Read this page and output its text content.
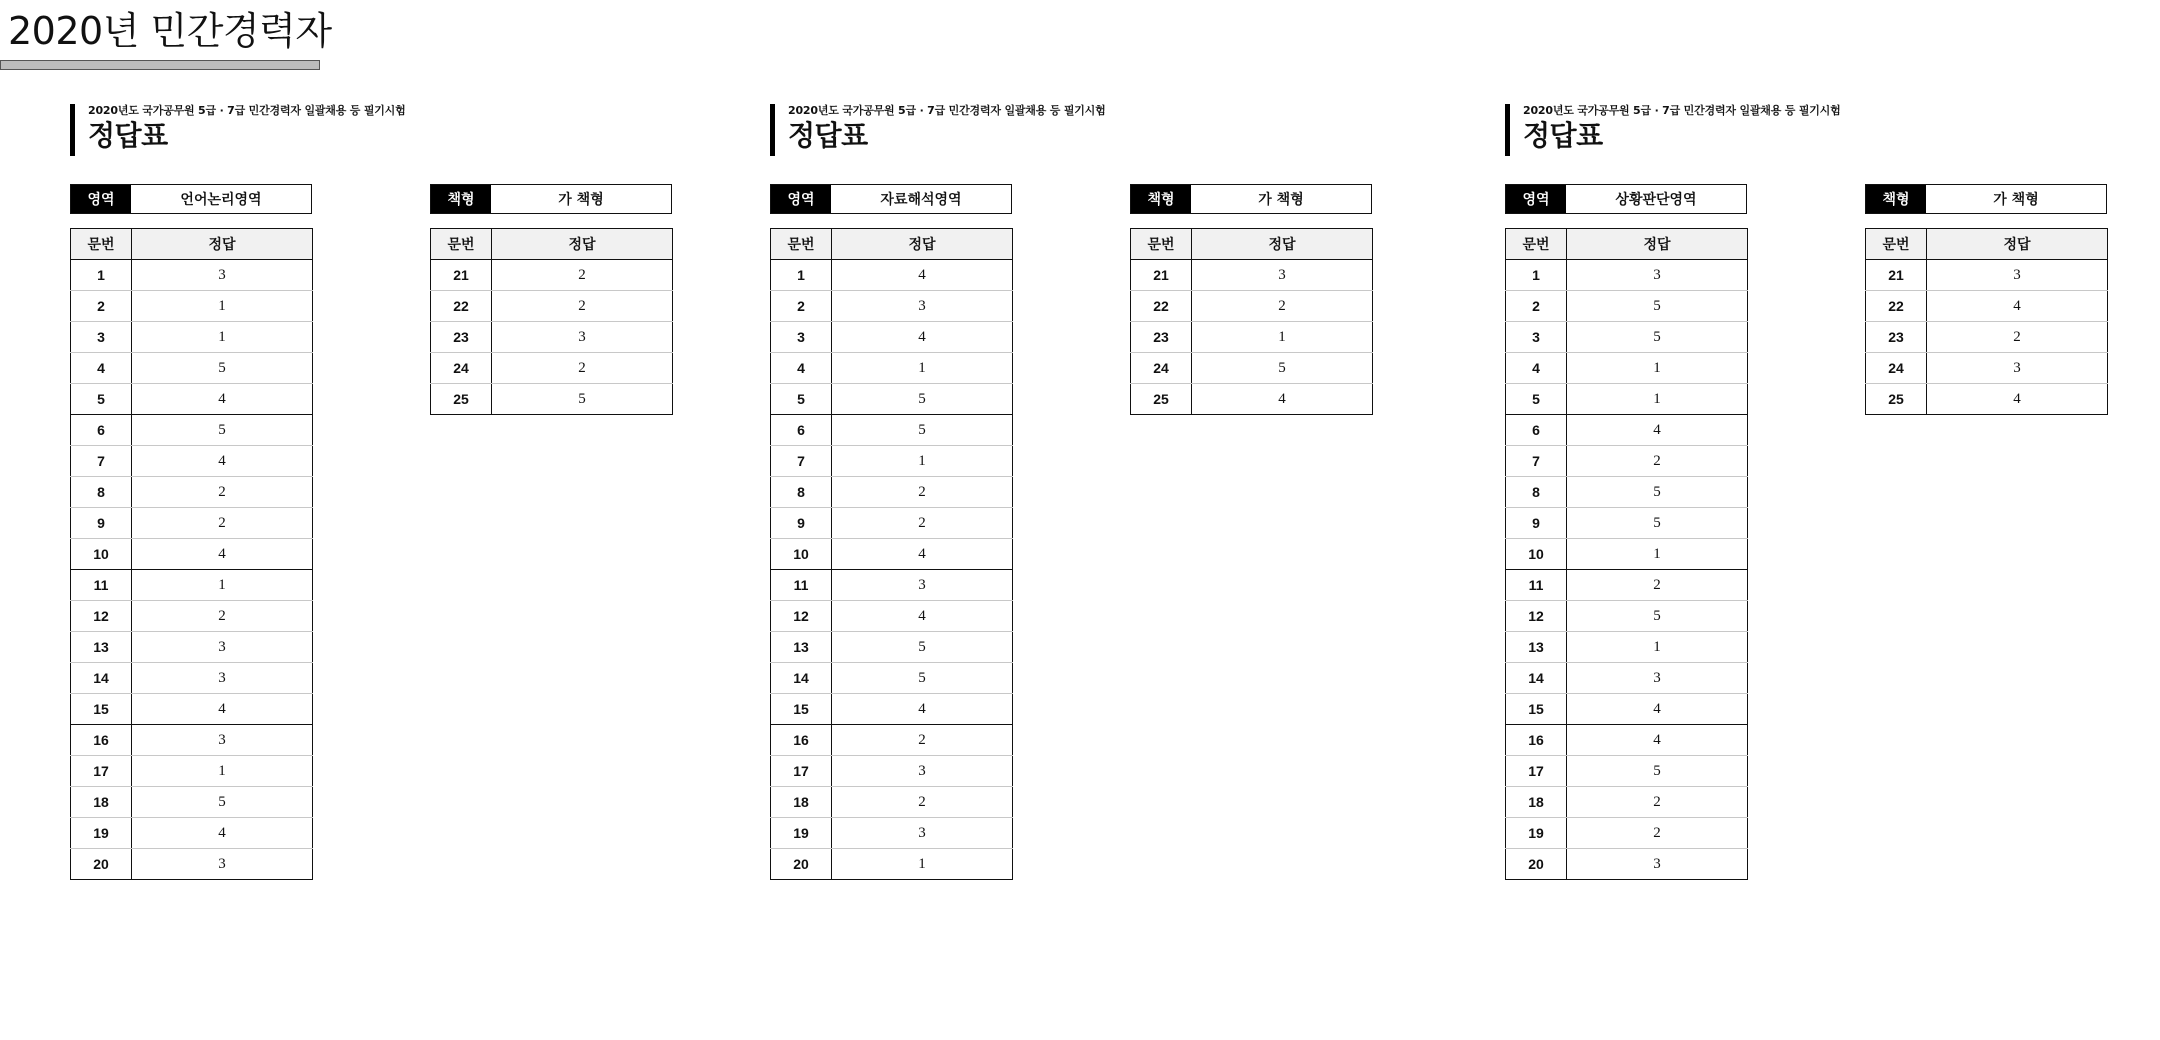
2020년 민간경력자
2020년도 국가공무원 5급 · 7급 민간경력자 일괄채용 등 필기시험
정답표
영역	언어논리영역	책형	가 책형
문번	정답
1	3
2	1
3	1
4	5
5	4
6	5
7	4
8	2
9	2
10	4
11	1
12	2
13	3
14	3
15	4
16	3
17	1
18	5
19	4
20	3
문번	정답
21	2
22	2
23	3
24	2
25	5
2020년도 국가공무원 5급 · 7급 민간경력자 일괄채용 등 필기시험
정답표
영역	자료해석영역	책형	가 책형
문번	정답
1	4
2	3
3	4
4	1
5	5
6	5
7	1
8	2
9	2
10	4
11	3
12	4
13	5
14	5
15	4
16	2
17	3
18	2
19	3
20	1
문번	정답
21	3
22	2
23	1
24	5
25	4
2020년도 국가공무원 5급 · 7급 민간경력자 일괄채용 등 필기시험
정답표
영역	상황판단영역	책형	가 책형
문번	정답
1	3
2	5
3	5
4	1
5	1
6	4
7	2
8	5
9	5
10	1
11	2
12	5
13	1
14	3
15	4
16	4
17	5
18	2
19	2
20	3
문번	정답
21	3
22	4
23	2
24	3
25	4
